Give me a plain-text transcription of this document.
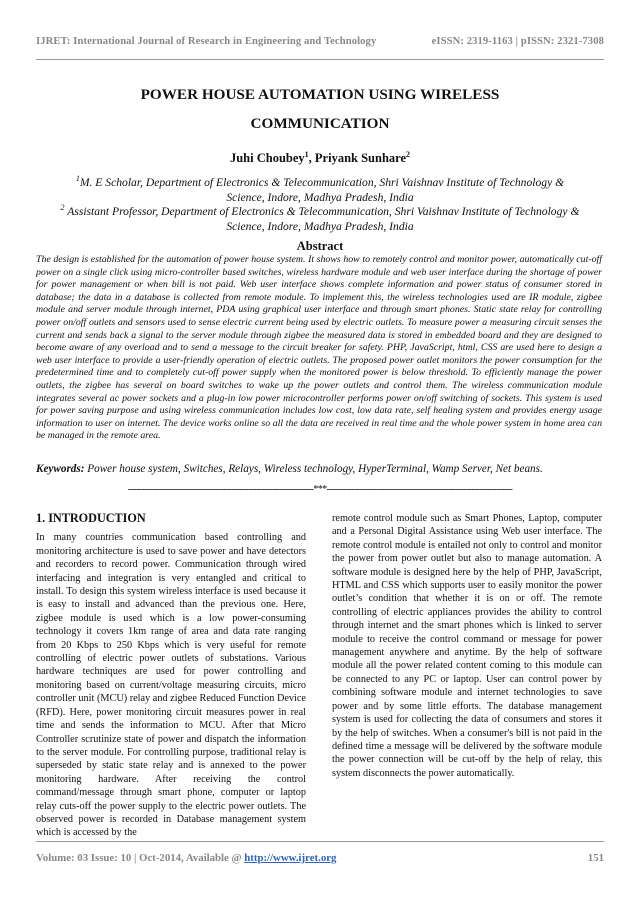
IJRET: International Journal of Research in Engineering and Technology	eISSN: 2319-1163 | pISSN: 2321-7308
POWER HOUSE AUTOMATION USING WIRELESS
COMMUNICATION
Juhi Choubey$^1$, Priyank Sunhare$^2$
$^1$M. E Scholar, Department of Electronics & Telecommunication, Shri Vaishnav Institute of Technology & Science, Indore, Madhya Pradesh, India
$^2$ Assistant Professor, Department of Electronics & Telecommunication, Shri Vaishnav Institute of Technology & Science, Indore, Madhya Pradesh, India
Abstract

The design is established for the automation of power house system. It shows how to remotely control and monitor power, automatically cut-off power on a single click using micro-controller based switches, wireless hardware module and web user interface during the shortage of power for power management or when bill is not paid. Web user interface shows complete information and power status of consumer stored in database; the data in a database is collected from remote module. To implement this, the wireless technologies used are IR module, zigbee module and server module through internet, PDA using graphical user interface and through smart phones. Static state relay for controlling power on/off outlets and sensors used to sense electric current being used by electric outlets. To measure power a measuring circuit senses the current and sends back a signal to the server module through zigbee the measured data is stored in embedded board and they are designed to become aware of any overload and to send a message to the circuit breaker for safety. PHP, JavaScript, html, CSS are used here to design a web user interface to provide a user-friendly operation of electric outlets. The proposed power outlet monitors the power consumption for the predetermined time and to completely cut-off power supply when the monitored power is below threshold. To efficiently manage the power outlets, the zigbee has several on board switches to wake up the power outlets and control them. The wireless communication module integrates several ac power sockets and a plug-in low power microcontroller performs power on/off switching of sockets. This system is used for power saving purpose and using wireless communication includes low cost, low data rate, self healing system and provides energy usage information to user on internet. The device works online so all the data are received in real time and the whole power system in home area can be managed in the remote area.

Keywords: Power house system, Switches, Relays, Wireless technology, HyperTerminal, Wamp Server, Net beans.
--------------------------------------------------------------------***--------------------------------------------------------------------
1. INTRODUCTION

In many countries communication based controlling and monitoring architecture is used to save power and have detectors and recorders to record power. Communication through wired interfacing and integration is very entangled and critical to install. To design this system wireless interface is used because it is easy to install and advanced than the previous one. Here, zigbee module is used which is a low power-consuming technology it covers 1km range of area and data rate ranging from 20 Kbps to 250 Kbps which is very useful for remote controlling of electric power outlets of substations. Various hardware techniques are used for power controlling and monitoring based on current/voltage measuring circuits, micro controller unit (MCU) relay and zigbee Reduced Function Device (RFD). Here, power monitoring circuit measures power in real time and sends the information to MCU. After that Micro Controller scrutinize state of power and dispatch the information to the server module. For controlling purpose, traditional relay is superseded by static state relay and is annexed to the power monitoring hardware. After receiving the control command/message through smart phone, computer or laptop relay cuts-off the power supply to the electric power outlets. The observed power is recorded in Database management system which is accessed by the

remote control module such as Smart Phones, Laptop, computer and a Personal Digital Assistance using Web user interface. The remote control module is entailed not only to control and monitor the power from power outlet but also to manage automation. A software module is designed here by the help of PHP, JavaScript, HTML and CSS which supports user to easily monitor the power outlet’s condition that whether it is on or off. The remote controlling of electric appliances provides the ability to control through internet and the smart phones which is linked to server module to receive the control command or message for power management anywhere and anytime. By the help of software module all the power related content coming to this module can be connected to any PC or laptop. User can control power by combining software module and internet technologies to save power and by some little efforts. The database management system is used for collecting the data of consumers and stores it by the help of switches. When a consumer's bill is not paid in the defined time a message will be delivered by the software module the power connection will be cut-off by the help of relay, this system disconnects the power automatically.

Volume: 03 Issue: 10 | Oct-2014, Available @ http://www.ijret.org	151
